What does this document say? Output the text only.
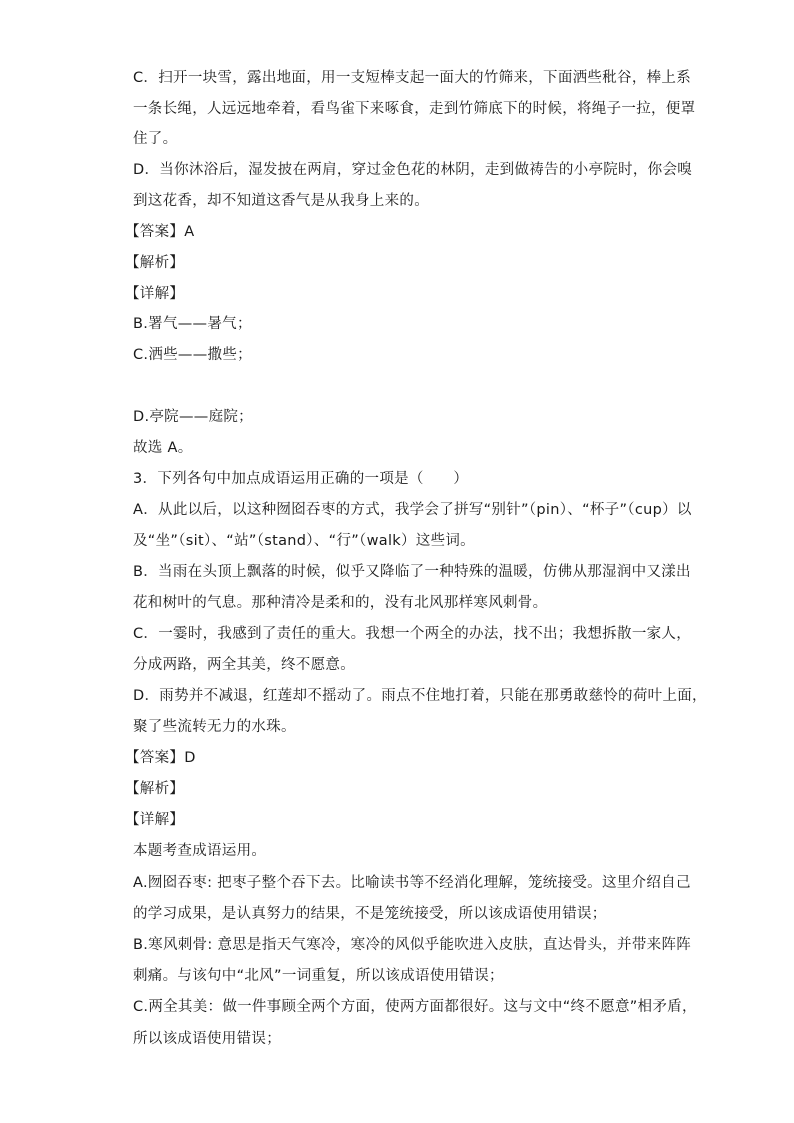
C．扫开一块雪，露出地面，用一支短棒支起一面大的竹筛来，下面洒些秕谷，棒上系
一条长绳，人远远地牵着，看鸟雀下来啄食，走到竹筛底下的时候，将绳子一拉，便罩
住了。
D．当你沐浴后，湿发披在两肩，穿过金色花的林阴，走到做祷告的小亭院时，你会嗅
到这花香，却不知道这香气是从我身上来的。
【答案】A
【解析】
【详解】
B.署气——暑气；
C.洒些——撒些；
D.亭院——庭院；
故选 A。
3．下列各句中加点成语运用正确的一项是（　　）
A．从此以后，以这种囫囵吞枣的方式，我学会了拼写“别针”（pin）、“杯子”（cup）以
及“坐”（sit）、“站”（stand）、“行”（walk）这些词。
B．当雨在头顶上飘落的时候，似乎又降临了一种特殊的温暖，仿佛从那湿润中又漾出
花和树叶的气息。那种清冷是柔和的，没有北风那样寒风刺骨。
C．一霎时，我感到了责任的重大。我想一个两全的办法，找不出；我想拆散一家人，
分成两路，两全其美，终不愿意。
D．雨势并不减退，红莲却不摇动了。雨点不住地打着，只能在那勇敢慈怜的荷叶上面，
聚了些流转无力的水珠。
【答案】D
【解析】
【详解】
本题考查成语运用。
A.囫囵吞枣: 把枣子整个吞下去。比喻读书等不经消化理解，笼统接受。这里介绍自己
的学习成果，是认真努力的结果，不是笼统接受，所以该成语使用错误；
B.寒风刺骨: 意思是指天气寒冷，寒冷的风似乎能吹进入皮肤，直达骨头，并带来阵阵
刺痛。与该句中“北风”一词重复，所以该成语使用错误；
C.两全其美：做一件事顾全两个方面，使两方面都很好。这与文中“终不愿意”相矛盾，
所以该成语使用错误；
